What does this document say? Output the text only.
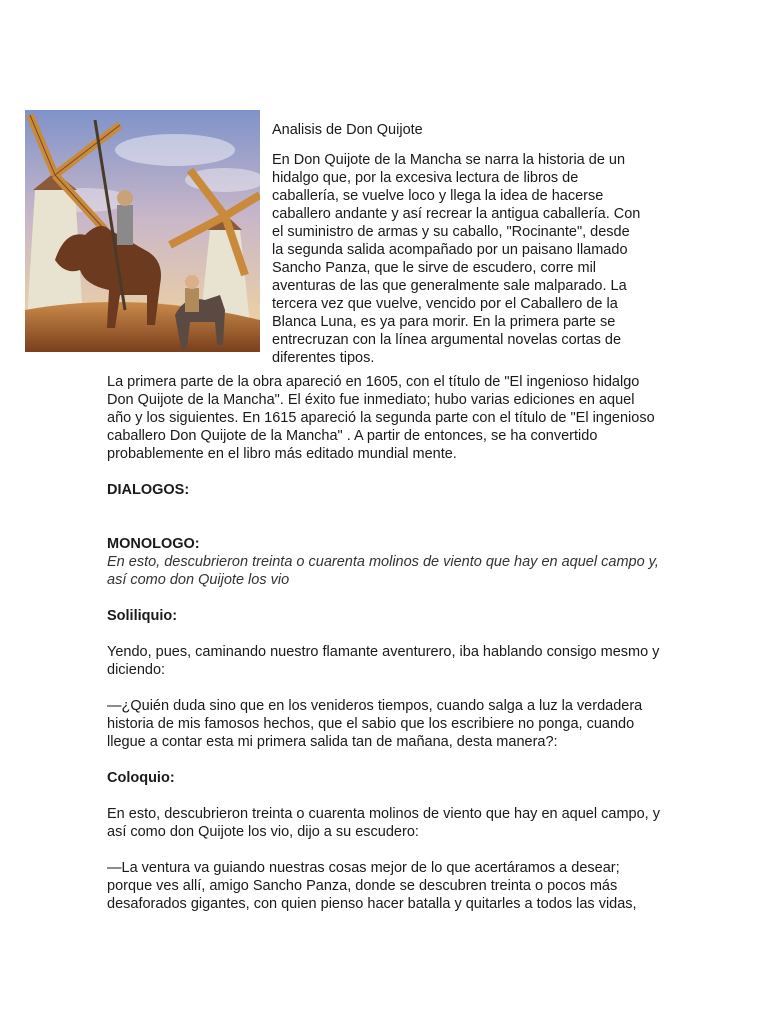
Analisis de Don Quijote

En Don Quijote de la Mancha se narra la historia de un hidalgo que, por la excesiva lectura de libros de caballería, se vuelve loco y llega la idea de hacerse caballero andante y así recrear la antigua caballería. Con el suministro de armas y su caballo, "Rocinante", desde la segunda salida acompañado por un paisano llamado Sancho Panza, que le sirve de escudero, corre mil aventuras de las que generalmente sale malparado. La tercera vez que vuelve, vencido por el Caballero de la Blanca Luna, es ya para morir. En la primera parte se entrecruzan con la línea argumental novelas cortas de diferentes tipos.

La primera parte de la obra apareció en 1605, con el título de "El ingenioso hidalgo Don Quijote de la Mancha". El éxito fue inmediato; hubo varias ediciones en aquel año y los siguientes. En 1615 apareció la segunda parte con el título de "El ingenioso caballero Don Quijote de la Mancha" . A partir de entonces, se ha convertido probablemente en el libro más editado mundial mente.

DIALOGOS:

MONOLOGO:

En esto, descubrieron treinta o cuarenta molinos de viento que hay en aquel campo y, así como don Quijote los vio

Soliliquio:

Yendo, pues, caminando nuestro flamante aventurero, iba hablando consigo mesmo y diciendo:

—¿Quién duda sino que en los venideros tiempos, cuando salga a luz la verdadera historia de mis famosos hechos, que el sabio que los escribiere no ponga, cuando llegue a contar esta mi primera salida tan de mañana, desta manera?:

Coloquio:

En esto, descubrieron treinta o cuarenta molinos de viento que hay en aquel campo, y así como don Quijote los vio, dijo a su escudero:

—La ventura va guiando nuestras cosas mejor de lo que acertáramos a desear; porque ves allí, amigo Sancho Panza, donde se descubren treinta o pocos más desaforados gigantes, con quien pienso hacer batalla y quitarles a todos las vidas,
